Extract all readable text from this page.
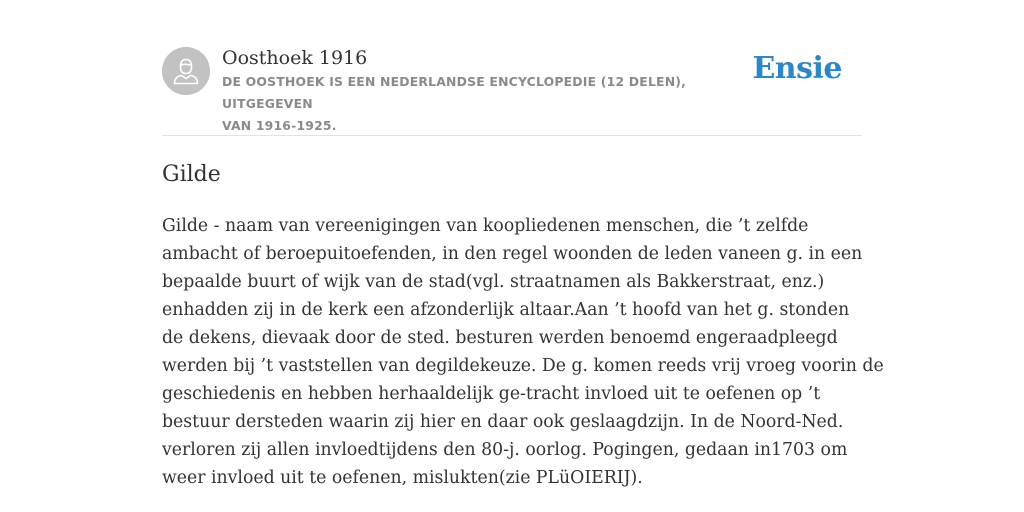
Oosthoek 1916
DE OOSTHOEK IS EEN NEDERLANDSE ENCYCLOPEDIE (12 DELEN), UITGEGEVEN
VAN 1916-1925.
Ensie
Gilde

Gilde - naam van vereenigingen van koopliedenen menschen, die ’t zelfde
ambacht of beroepuitoefenden, in den regel woonden de leden vaneen g. in een
bepaalde buurt of wijk van de stad(vgl. straatnamen als Bakkerstraat, enz.)
enhadden zij in de kerk een afzonderlijk altaar.Aan ’t hoofd van het g. stonden
de dekens, dievaak door de sted. besturen werden benoemd engeraadpleegd
werden bij ’t vaststellen van degildekeuze. De g. komen reeds vrij vroeg voorin de
geschiedenis en hebben herhaaldelijk ge-tracht invloed uit te oefenen op ’t
bestuur dersteden waarin zij hier en daar ook geslaagdzijn. In de Noord-Ned.
verloren zij allen invloedtijdens den 80-j. oorlog. Pogingen, gedaan in1703 om
weer invloed uit te oefenen, mislukten(zie PLüOIERIJ).
